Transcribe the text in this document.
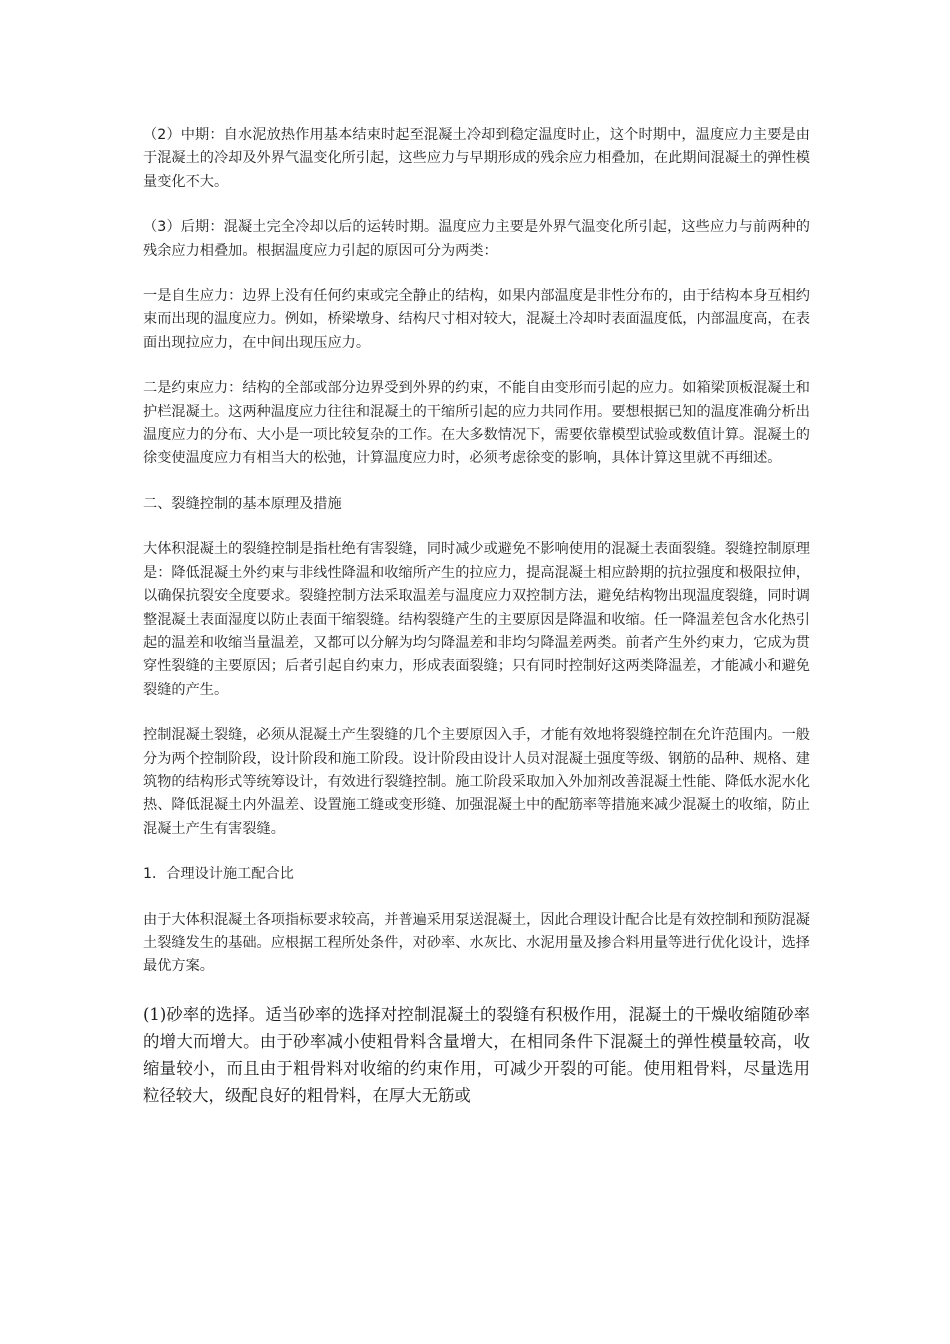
（2）中期：自水泥放热作用基本结束时起至混凝土冷却到稳定温度时止，这个时期中，温度应力主要是由于混凝土的冷却及外界气温变化所引起，这些应力与早期形成的残余应力相叠加，在此期间混凝土的弹性模量变化不大。

（3）后期：混凝土完全冷却以后的运转时期。温度应力主要是外界气温变化所引起，这些应力与前两种的残余应力相叠加。根据温度应力引起的原因可分为两类：

一是自生应力：边界上没有任何约束或完全静止的结构，如果内部温度是非性分布的，由于结构本身互相约束而出现的温度应力。例如，桥梁墩身、结构尺寸相对较大，混凝土冷却时表面温度低，内部温度高，在表面出现拉应力，在中间出现压应力。

二是约束应力：结构的全部或部分边界受到外界的约束，不能自由变形而引起的应力。如箱梁顶板混凝土和护栏混凝土。这两种温度应力往往和混凝土的干缩所引起的应力共同作用。要想根据已知的温度准确分析出温度应力的分布、大小是一项比较复杂的工作。在大多数情况下，需要依靠模型试验或数值计算。混凝土的徐变使温度应力有相当大的松弛，计算温度应力时，必须考虑徐变的影响，具体计算这里就不再细述。

二、裂缝控制的基本原理及措施

大体积混凝土的裂缝控制是指杜绝有害裂缝，同时减少或避免不影响使用的混凝土表面裂缝。裂缝控制原理是：降低混凝土外约束与非线性降温和收缩所产生的拉应力，提高混凝土相应龄期的抗拉强度和极限拉伸，以确保抗裂安全度要求。裂缝控制方法采取温差与温度应力双控制方法，避免结构物出现温度裂缝，同时调整混凝土表面湿度以防止表面干缩裂缝。结构裂缝产生的主要原因是降温和收缩。任一降温差包含水化热引起的温差和收缩当量温差，又都可以分解为均匀降温差和非均匀降温差两类。前者产生外约束力，它成为贯穿性裂缝的主要原因；后者引起自约束力，形成表面裂缝；只有同时控制好这两类降温差，才能减小和避免裂缝的产生。

控制混凝土裂缝，必须从混凝土产生裂缝的几个主要原因入手，才能有效地将裂缝控制在允许范围内。一般分为两个控制阶段，设计阶段和施工阶段。设计阶段由设计人员对混凝土强度等级、钢筋的品种、规格、建筑物的结构形式等统筹设计，有效进行裂缝控制。施工阶段采取加入外加剂改善混凝土性能、降低水泥水化热、降低混凝土内外温差、设置施工缝或变形缝、加强混凝土中的配筋率等措施来减少混凝土的收缩，防止混凝土产生有害裂缝。

1．合理设计施工配合比

由于大体积混凝土各项指标要求较高，并普遍采用泵送混凝土，因此合理设计配合比是有效控制和预防混凝土裂缝发生的基础。应根据工程所处条件，对砂率、水灰比、水泥用量及掺合料用量等进行优化设计，选择最优方案。

(1)砂率的选择。适当砂率的选择对控制混凝土的裂缝有积极作用，混凝土的干燥收缩随砂率的增大而增大。由于砂率减小使粗骨料含量增大，在相同条件下混凝土的弹性模量较高，收缩量较小，而且由于粗骨料对收缩的约束作用，可减少开裂的可能。使用粗骨料，尽量选用粒径较大，级配良好的粗骨料，在厚大无筋或
